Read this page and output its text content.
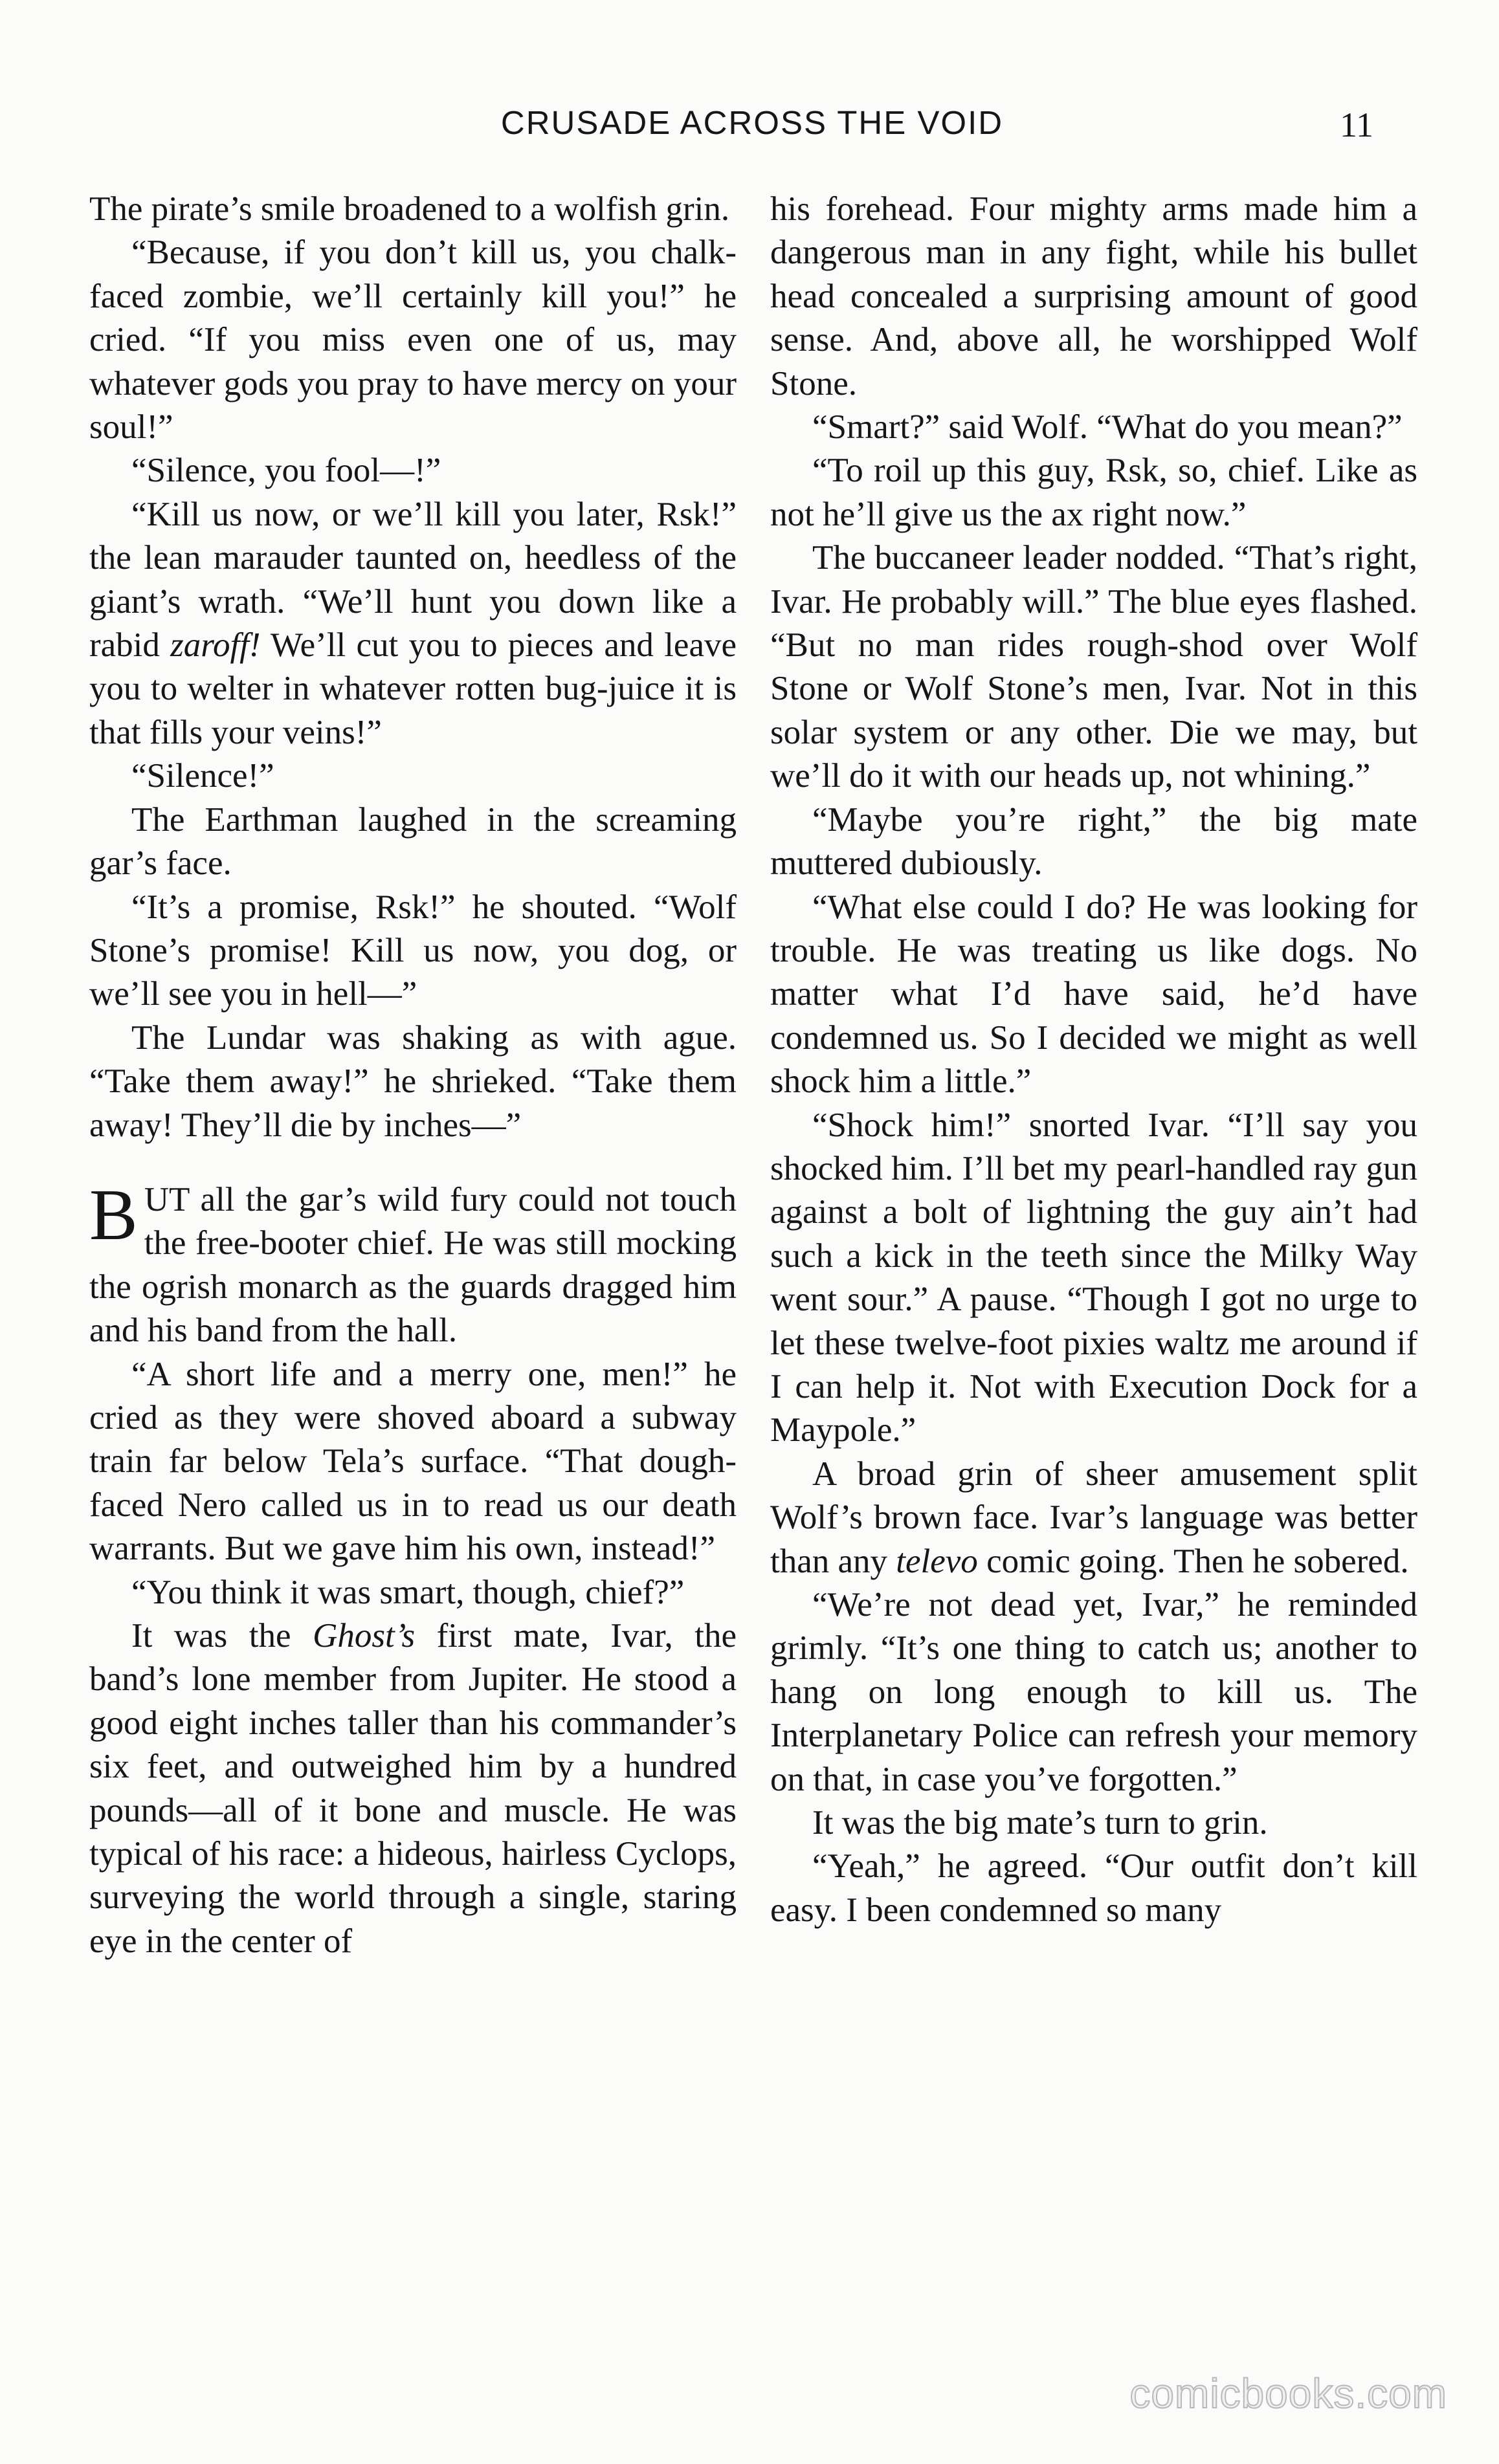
CRUSADE ACROSS THE VOID	11

The pirate’s smile broadened to a wolfish grin.

“Because, if you don’t kill us, you chalk-faced zombie, we’ll certainly kill you!” he cried. “If you miss even one of us, may whatever gods you pray to have mercy on your soul!”

“Silence, you fool—!”

“Kill us now, or we’ll kill you later, Rsk!” the lean marauder taunted on, heedless of the giant’s wrath. “We’ll hunt you down like a rabid zaroff! We’ll cut you to pieces and leave you to welter in whatever rotten bug-juice it is that fills your veins!”

“Silence!”

The Earthman laughed in the screaming gar’s face.

“It’s a promise, Rsk!” he shouted. “Wolf Stone’s promise! Kill us now, you dog, or we’ll see you in hell—”

The Lundar was shaking as with ague. “Take them away!” he shrieked. “Take them away! They’ll die by inches—”

BUT all the gar’s wild fury could not touch the free-booter chief. He was still mocking the ogrish monarch as the guards dragged him and his band from the hall.

“A short life and a merry one, men!” he cried as they were shoved aboard a subway train far below Tela’s surface. “That dough-faced Nero called us in to read us our death warrants. But we gave him his own, instead!”

“You think it was smart, though, chief?”

It was the Ghost’s first mate, Ivar, the band’s lone member from Jupiter. He stood a good eight inches taller than his commander’s six feet, and outweighed him by a hundred pounds—all of it bone and muscle. He was typical of his race: a hideous, hairless Cyclops, surveying the world through a single, staring eye in the center of

his forehead. Four mighty arms made him a dangerous man in any fight, while his bullet head concealed a surprising amount of good sense. And, above all, he worshipped Wolf Stone.

“Smart?” said Wolf. “What do you mean?”

“To roil up this guy, Rsk, so, chief. Like as not he’ll give us the ax right now.”

The buccaneer leader nodded. “That’s right, Ivar. He probably will.” The blue eyes flashed. “But no man rides rough-shod over Wolf Stone or Wolf Stone’s men, Ivar. Not in this solar system or any other. Die we may, but we’ll do it with our heads up, not whining.”

“Maybe you’re right,” the big mate muttered dubiously.

“What else could I do? He was looking for trouble. He was treating us like dogs. No matter what I’d have said, he’d have condemned us. So I decided we might as well shock him a little.”

“Shock him!” snorted Ivar. “I’ll say you shocked him. I’ll bet my pearl-handled ray gun against a bolt of lightning the guy ain’t had such a kick in the teeth since the Milky Way went sour.” A pause. “Though I got no urge to let these twelve-foot pixies waltz me around if I can help it. Not with Execution Dock for a Maypole.”

A broad grin of sheer amusement split Wolf’s brown face. Ivar’s language was better than any televo comic going. Then he sobered.

“We’re not dead yet, Ivar,” he reminded grimly. “It’s one thing to catch us; another to hang on long enough to kill us. The Interplanetary Police can refresh your memory on that, in case you’ve forgotten.”

It was the big mate’s turn to grin.

“Yeah,” he agreed. “Our outfit don’t kill easy. I been condemned so many

comicbooks.com
